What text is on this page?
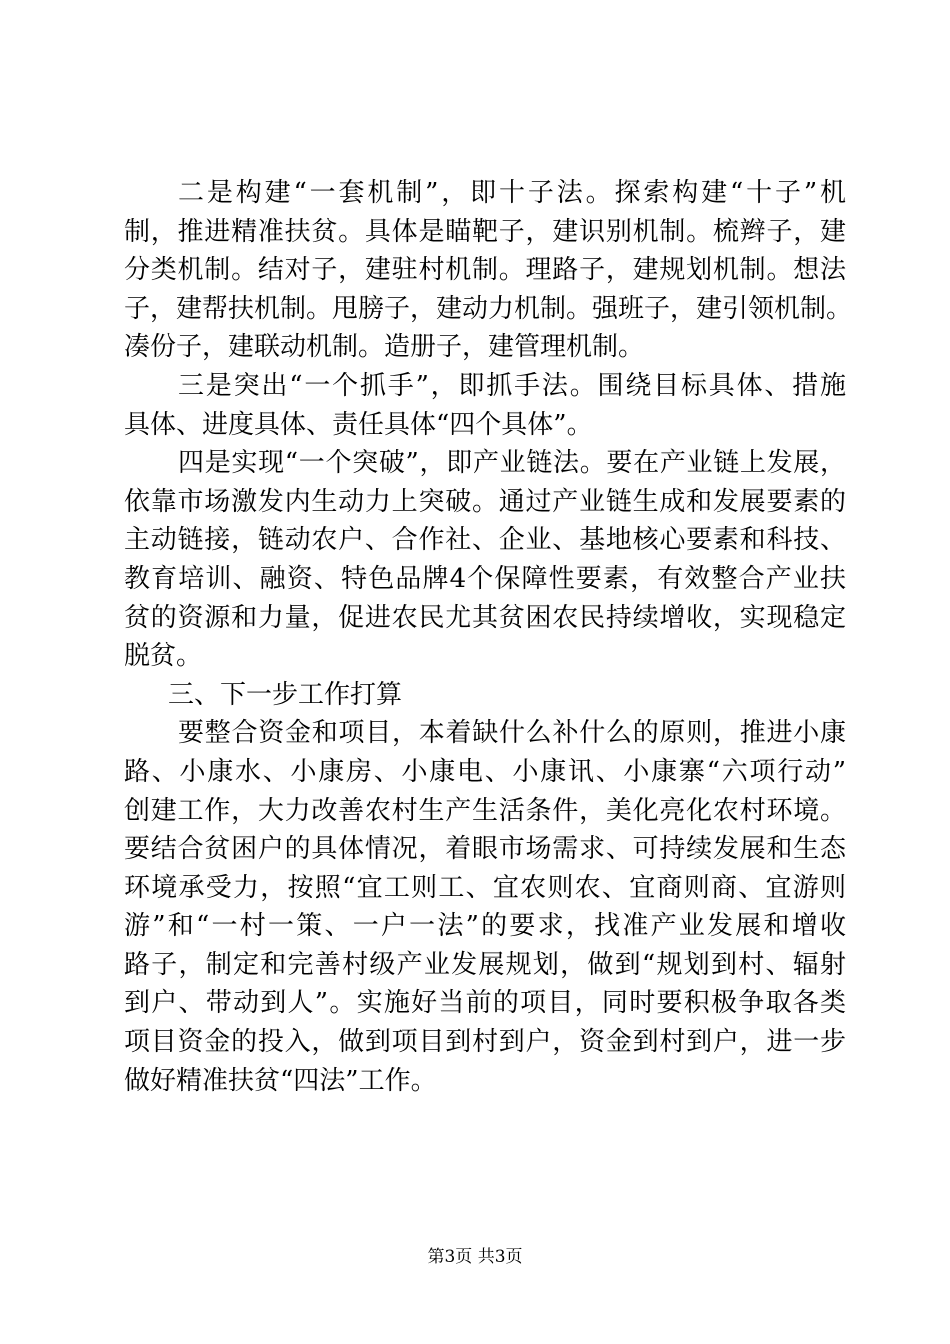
二是构建“一套机制”，即十子法。探索构建“十子”机
制，推进精准扶贫。具体是瞄靶子，建识别机制。梳辫子，建
分类机制。结对子，建驻村机制。理路子，建规划机制。想法
子，建帮扶机制。甩膀子，建动力机制。强班子，建引领机制。
凑份子，建联动机制。造册子，建管理机制。
三是突出“一个抓手”，即抓手法。围绕目标具体、措施
具体、进度具体、责任具体“四个具体”。
四是实现“一个突破”，即产业链法。要在产业链上发展，
依靠市场激发内生动力上突破。通过产业链生成和发展要素的
主动链接，链动农户、合作社、企业、基地核心要素和科技、
教育培训、融资、特色品牌4个保障性要素，有效整合产业扶
贫的资源和力量，促进农民尤其贫困农民持续增收，实现稳定
脱贫。
三、下一步工作打算
要整合资金和项目，本着缺什么补什么的原则，推进小康
路、小康水、小康房、小康电、小康讯、小康寨“六项行动”
创建工作，大力改善农村生产生活条件，美化亮化农村环境。
要结合贫困户的具体情况，着眼市场需求、可持续发展和生态
环境承受力，按照“宜工则工、宜农则农、宜商则商、宜游则
游”和“一村一策、一户一法”的要求，找准产业发展和增收
路子，制定和完善村级产业发展规划，做到“规划到村、辐射
到户、带动到人”。实施好当前的项目，同时要积极争取各类
项目资金的投入，做到项目到村到户，资金到村到户，进一步
做好精准扶贫“四法”工作。
第3页 共3页
